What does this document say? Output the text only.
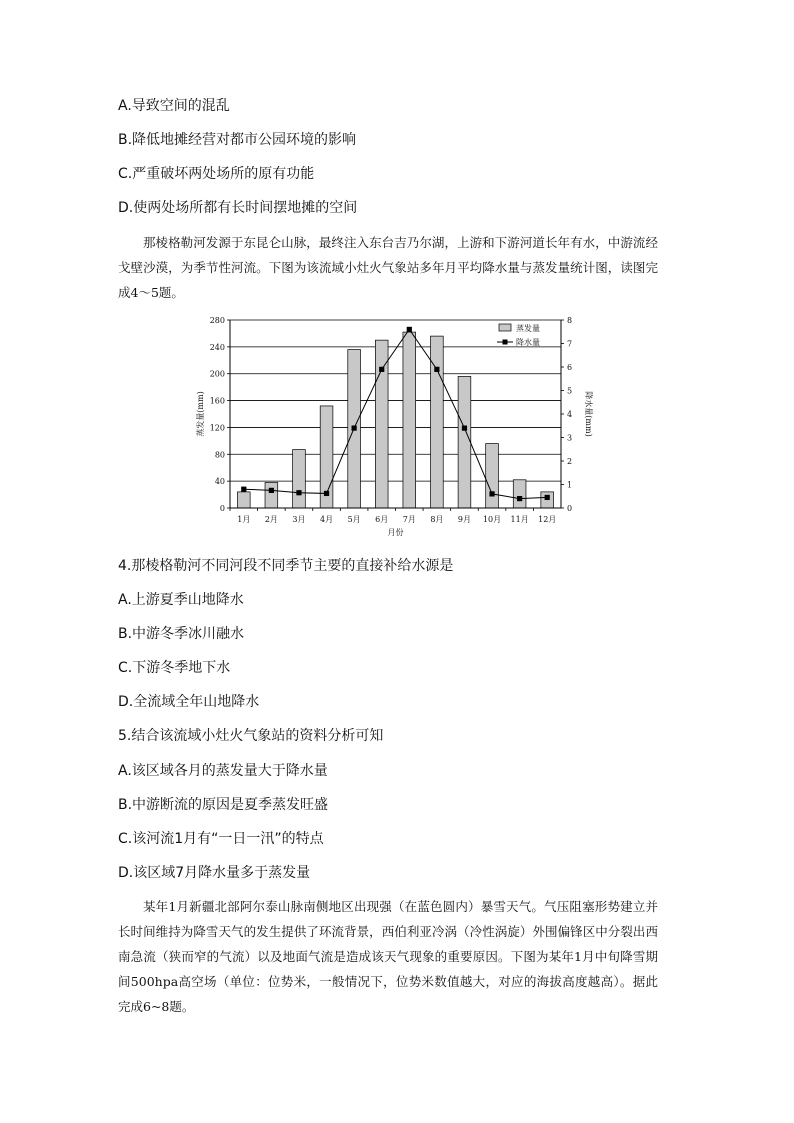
A.导致空间的混乱
B.降低地摊经营对都市公园环境的影响
C.严重破坏两处场所的原有功能
D.使两处场所都有长时间摆地摊的空间

那棱格勒河发源于东昆仑山脉，最终注入东台吉乃尔湖，上游和下游河道长年有水，中游流经戈壁沙漠，为季节性河流。下图为该流域小灶火气象站多年月平均降水量与蒸发量统计图，读图完成4～5题。

0
40
80
120
160
200
240
280
0
1
2
3
4
5
6
7
8
1月 2月 3月 4月 5月 6月 7月 8月 9月 10月 11月 12月
月份
蒸发量(mm)	降水量(mm)
蒸发量
降水量
4.那棱格勒河不同河段不同季节主要的直接补给水源是
A.上游夏季山地降水
B.中游冬季冰川融水
C.下游冬季地下水
D.全流域全年山地降水
5.结合该流域小灶火气象站的资料分析可知
A.该区域各月的蒸发量大于降水量
B.中游断流的原因是夏季蒸发旺盛
C.该河流1月有“一日一汛”的特点
D.该区域7月降水量多于蒸发量

某年1月新疆北部阿尔泰山脉南侧地区出现强（在蓝色圆内）暴雪天气。气压阻塞形势建立并长时间维持为降雪天气的发生提供了环流背景，西伯利亚冷涡（冷性涡旋）外围偏锋区中分裂出西南急流（狭而窄的气流）以及地面气流是造成该天气现象的重要原因。下图为某年1月中旬降雪期间500hpa高空场（单位：位势米，一般情况下，位势米数值越大，对应的海拔高度越高）。据此完成6~8题。
